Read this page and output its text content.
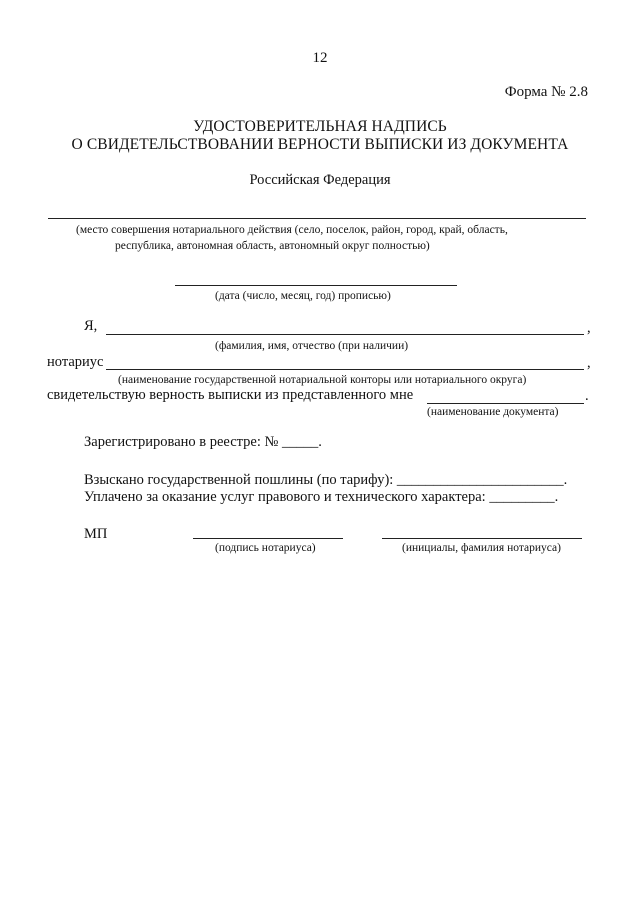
12
Форма № 2.8
УДОСТОВЕРИТЕЛЬНАЯ НАДПИСЬ
О СВИДЕТЕЛЬСТВОВАНИИ ВЕРНОСТИ ВЫПИСКИ ИЗ ДОКУМЕНТА
Российская Федерация
(место совершения нотариального действия (село, поселок, район, город, край, область,
республика, автономная область, автономный округ полностью)
(дата (число, месяц, год) прописью)
Я,	,
(фамилия, имя, отчество (при наличии)
нотариус	,
(наименование государственной нотариальной конторы или нотариального округа)
свидетельствую верность выписки из представленного мне	.
(наименование документа)
Зарегистрировано в реестре: № _____.
Взыскано государственной пошлины (по тарифу): _______________________.
Уплачено за оказание услуг правового и технического характера: _________.
МП
(подпись нотариуса)	(инициалы, фамилия нотариуса)
